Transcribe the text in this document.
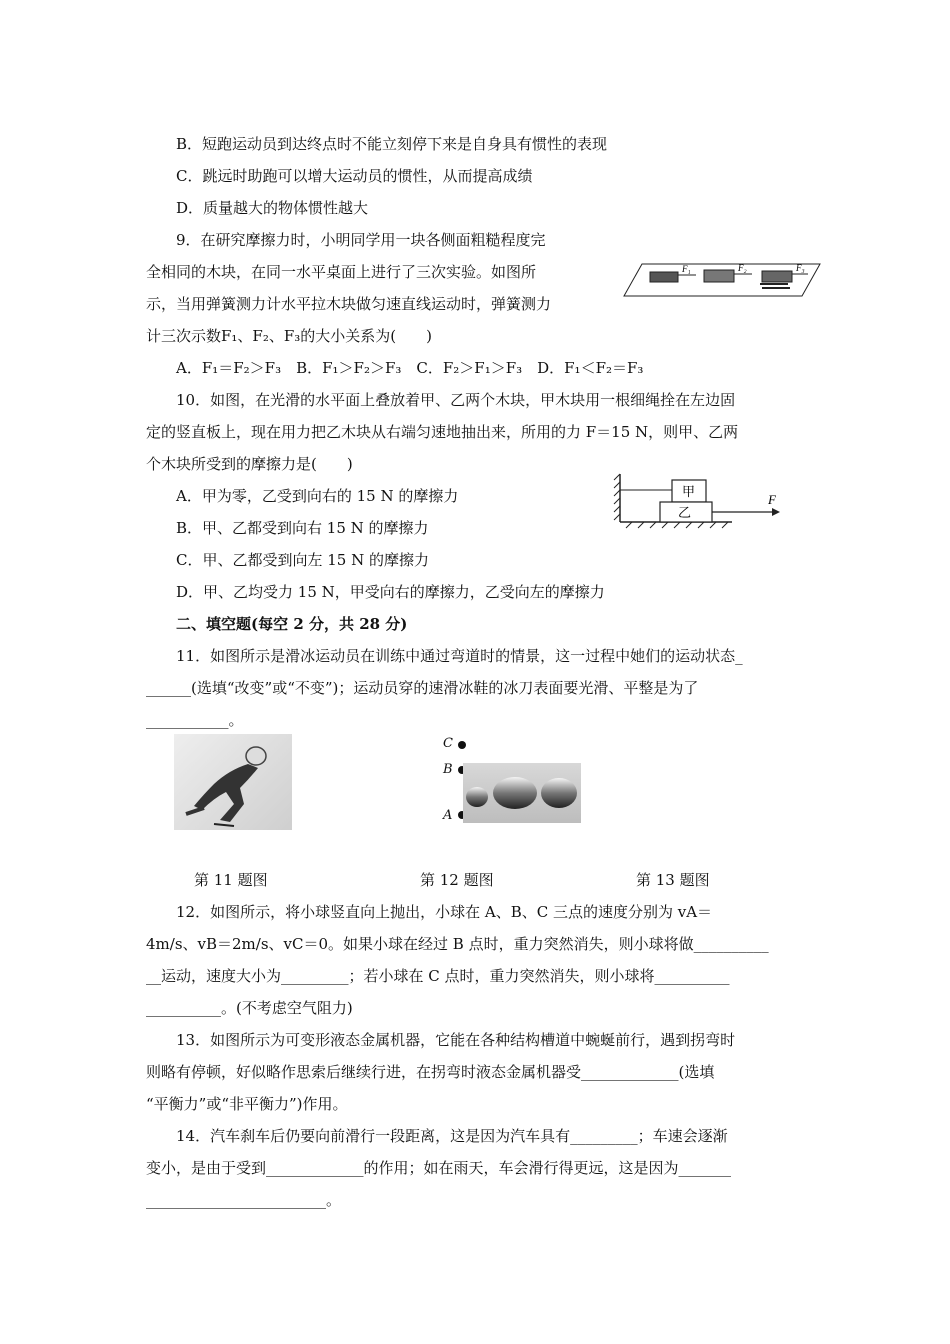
B．短跑运动员到达终点时不能立刻停下来是自身具有惯性的表现
C．跳远时助跑可以增大运动员的惯性，从而提高成绩
D．质量越大的物体惯性越大
9．在研究摩擦力时，小明同学用一块各侧面粗糙程度完
全相同的木块，在同一水平桌面上进行了三次实验。如图所
示，当用弹簧测力计水平拉木块做匀速直线运动时，弹簧测力
计三次示数F₁、F₂、F₃的大小关系为(　　)
A．F₁＝F₂＞F₃　B．F₁＞F₂＞F₃　C．F₂＞F₁＞F₃　D．F₁＜F₂＝F₃
10．如图，在光滑的水平面上叠放着甲、乙两个木块，甲木块用一根细绳拴在左边固
定的竖直板上，现在用力把乙木块从右端匀速地抽出来，所用的力 F＝15 N，则甲、乙两
个木块所受到的摩擦力是(　　)
A．甲为零，乙受到向右的 15 N 的摩擦力
B．甲、乙都受到向右 15 N 的摩擦力
C．甲、乙都受到向左 15 N 的摩擦力
D．甲、乙均受力 15 N，甲受向右的摩擦力，乙受向左的摩擦力
二、填空题(每空 2 分，共 28 分)
11．如图所示是滑冰运动员在训练中通过弯道时的情景，这一过程中她们的运动状态_
______(选填“改变”或“不变”)；运动员穿的速滑冰鞋的冰刀表面要光滑、平整是为了
___________。
C
B
A
F₁	F₂	F₃
甲
乙
F
第 11 题图	第 12 题图	第 13 题图
12．如图所示，将小球竖直向上抛出，小球在 A、B、C 三点的速度分别为 vA＝
4m/s、vB＝2m/s、vC＝0。如果小球在经过 B 点时，重力突然消失，则小球将做__________
__运动，速度大小为_________；若小球在 C 点时，重力突然消失，则小球将__________
__________。(不考虑空气阻力)
13．如图所示为可变形液态金属机器，它能在各种结构槽道中蜿蜒前行，遇到拐弯时
则略有停顿，好似略作思索后继续行进，在拐弯时液态金属机器受_____________(选填
“平衡力”或“非平衡力”)作用。
14．汽车刹车后仍要向前滑行一段距离，这是因为汽车具有_________；车速会逐渐
变小，是由于受到_____________的作用；如在雨天，车会滑行得更远，这是因为_______
________________________。
